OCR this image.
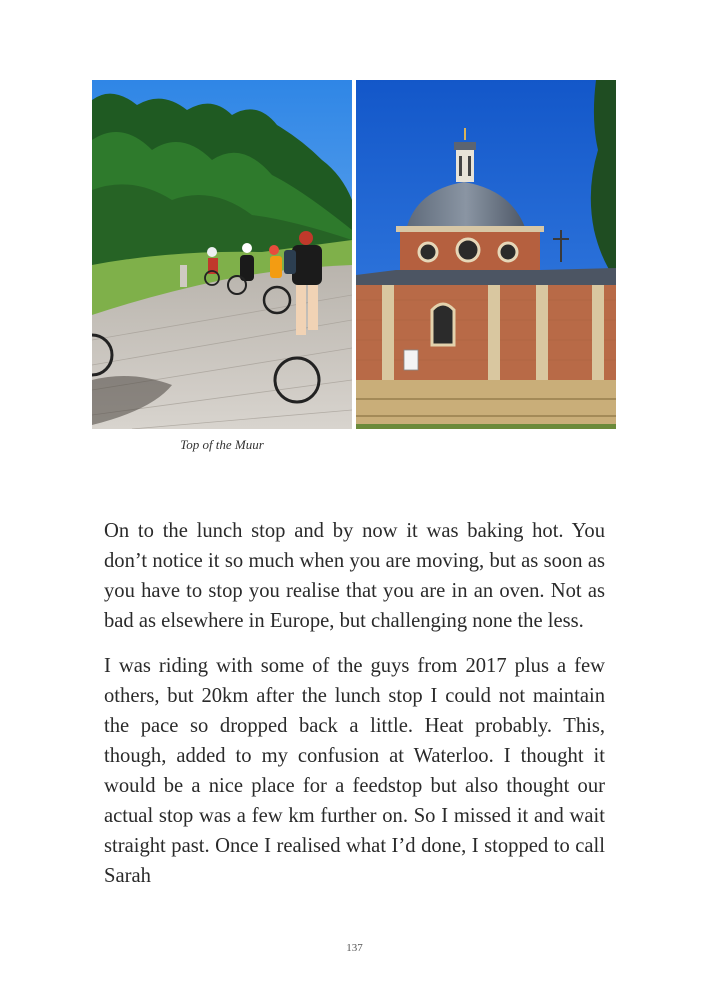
Top of the Muur

On to the lunch stop and by now it was baking hot. You don’t notice it so much when you are moving, but as soon as you have to stop you realise that you are in an oven. Not as bad as elsewhere in Europe, but challenging none the less.

I was riding with some of the guys from 2017 plus a few others, but 20km after the lunch stop I could not maintain the pace so dropped back a little. Heat probably. This, though, added to my confusion at Waterloo. I thought it would be a nice place for a feedstop but also thought our actual stop was a few km further on. So I missed it and wait straight past. Once I realised what I’d done, I stopped to call Sarah

137
